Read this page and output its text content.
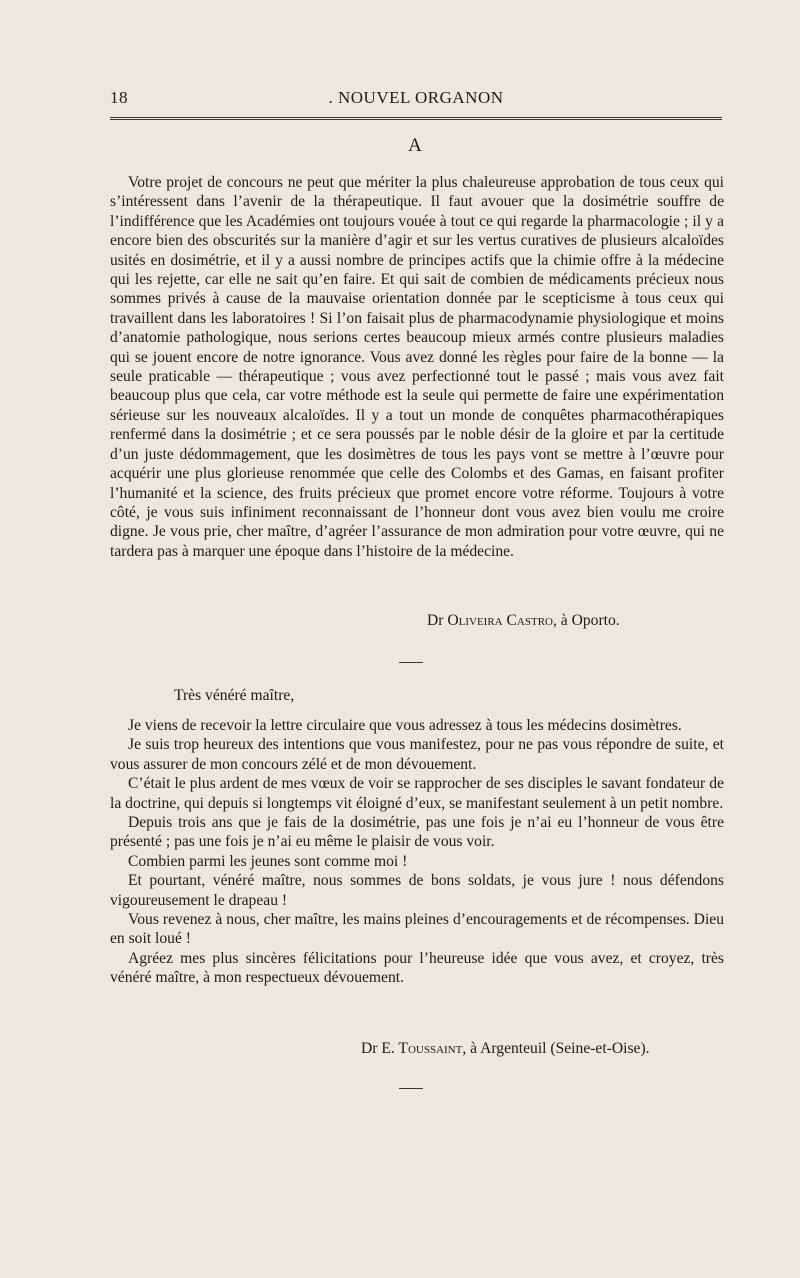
18	. NOUVEL ORGANON
A

Votre projet de concours ne peut que mériter la plus chaleureuse approbation de tous ceux qui s’intéressent dans l’avenir de la thérapeutique. Il faut avouer que la dosimétrie souffre de l’indifférence que les Académies ont toujours vouée à tout ce qui regarde la pharmacologie ; il y a encore bien des obscurités sur la manière d’agir et sur les vertus curatives de plusieurs alcaloïdes usités en dosimétrie, et il y a aussi nombre de principes actifs que la chimie offre à la médecine qui les rejette, car elle ne sait qu’en faire. Et qui sait de combien de médicaments précieux nous sommes privés à cause de la mauvaise orientation donnée par le scepticisme à tous ceux qui travaillent dans les laboratoires ! Si l’on faisait plus de pharmacodynamie physiologique et moins d’anatomie pathologique, nous serions certes beaucoup mieux armés contre plusieurs maladies qui se jouent encore de notre ignorance. Vous avez donné les règles pour faire de la bonne — la seule praticable — thérapeutique ; vous avez perfectionné tout le passé ; mais vous avez fait beaucoup plus que cela, car votre méthode est la seule qui permette de faire une expérimentation sérieuse sur les nouveaux alcaloïdes. Il y a tout un monde de conquêtes pharmacothérapiques renfermé dans la dosimétrie ; et ce sera poussés par le noble désir de la gloire et par la certitude d’un juste dédommagement, que les dosimètres de tous les pays vont se mettre à l’œuvre pour acquérir une plus glorieuse renommée que celle des Colombs et des Gamas, en faisant profiter l’humanité et la science, des fruits précieux que promet encore votre réforme. Toujours à votre côté, je vous suis infiniment reconnaissant de l’honneur dont vous avez bien voulu me croire digne. Je vous prie, cher maître, d’agréer l’assurance de mon admiration pour votre œuvre, qui ne tardera pas à marquer une époque dans l’histoire de la médecine.

Dr Oliveira Castro, à Oporto.
Très vénéré maître,

Je viens de recevoir la lettre circulaire que vous adressez à tous les médecins dosimètres.

Je suis trop heureux des intentions que vous manifestez, pour ne pas vous répondre de suite, et vous assurer de mon concours zélé et de mon dévouement.

C’était le plus ardent de mes vœux de voir se rapprocher de ses disciples le savant fondateur de la doctrine, qui depuis si longtemps vit éloigné d’eux, se manifestant seulement à un petit nombre.

Depuis trois ans que je fais de la dosimétrie, pas une fois je n’ai eu l’honneur de vous être présenté ; pas une fois je n’ai eu même le plaisir de vous voir.

Combien parmi les jeunes sont comme moi !

Et pourtant, vénéré maître, nous sommes de bons soldats, je vous jure ! nous défendons vigoureusement le drapeau !

Vous revenez à nous, cher maître, les mains pleines d’encouragements et de récompenses. Dieu en soit loué !

Agréez mes plus sincères félicitations pour l’heureuse idée que vous avez, et croyez, très vénéré maître, à mon respectueux dévouement.

Dr E. Toussaint, à Argenteuil (Seine-et-Oise).
